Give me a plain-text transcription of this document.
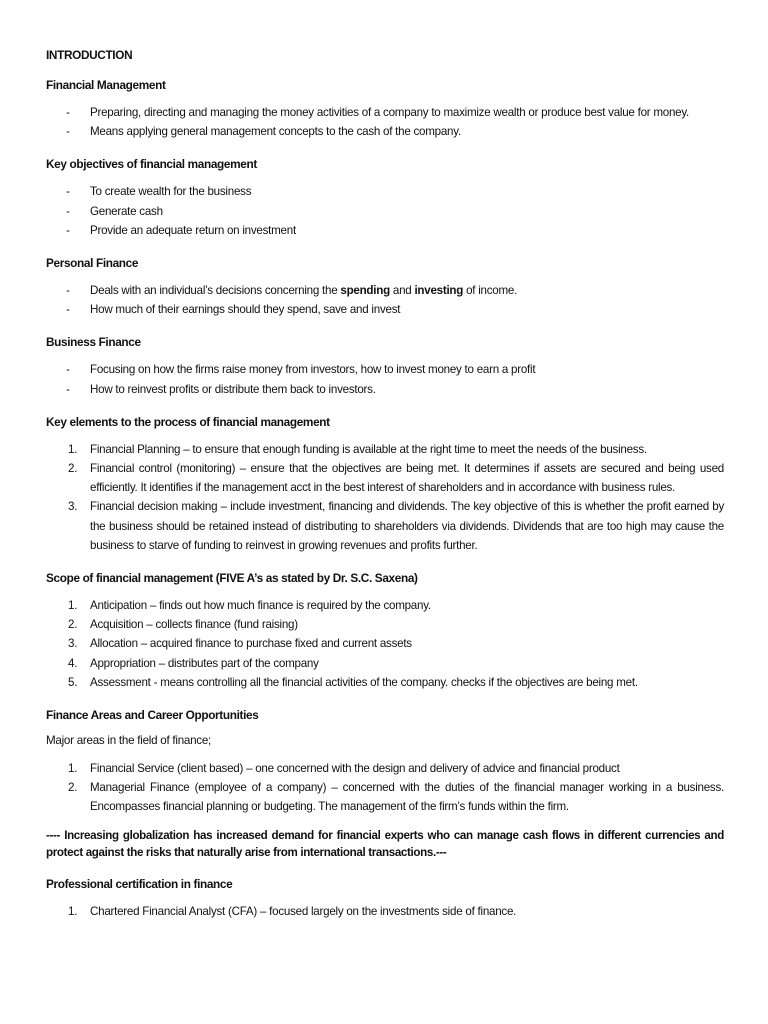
INTRODUCTION

Financial Management

- Preparing, directing and managing the money activities of a company to maximize wealth or produce best value for money.
- Means applying general management concepts to the cash of the company.

Key objectives of financial management

- To create wealth for the business
- Generate cash
- Provide an adequate return on investment

Personal Finance

- Deals with an individual’s decisions concerning the spending and investing of income.
- How much of their earnings should they spend, save and invest

Business Finance

- Focusing on how the firms raise money from investors, how to invest money to earn a profit
- How to reinvest profits or distribute them back to investors.

Key elements to the process of financial management

1. Financial Planning – to ensure that enough funding is available at the right time to meet the needs of the business.
2. Financial control (monitoring) – ensure that the objectives are being met. It determines if assets are secured and being used efficiently. It identifies if the management acct in the best interest of shareholders and in accordance with business rules.
3. Financial decision making – include investment, financing and dividends. The key objective of this is whether the profit earned by the business should be retained instead of distributing to shareholders via dividends. Dividends that are too high may cause the business to starve of funding to reinvest in growing revenues and profits further.

Scope of financial management (FIVE A’s as stated by Dr. S.C. Saxena)

1. Anticipation – finds out how much finance is required by the company.
2. Acquisition – collects finance (fund raising)
3. Allocation – acquired finance to purchase fixed and current assets
4. Appropriation – distributes part of the company
5. Assessment - means controlling all the financial activities of the company. checks if the objectives are being met.

Finance Areas and Career Opportunities

Major areas in the field of finance;

1. Financial Service (client based) – one concerned with the design and delivery of advice and financial product
2. Managerial Finance (employee of a company) – concerned with the duties of the financial manager working in a business. Encompasses financial planning or budgeting. The management of the firm’s funds within the firm.

---- Increasing globalization has increased demand for financial experts who can manage cash flows in different currencies and protect against the risks that naturally arise from international transactions.---

Professional certification in finance

1. Chartered Financial Analyst (CFA) – focused largely on the investments side of finance.
